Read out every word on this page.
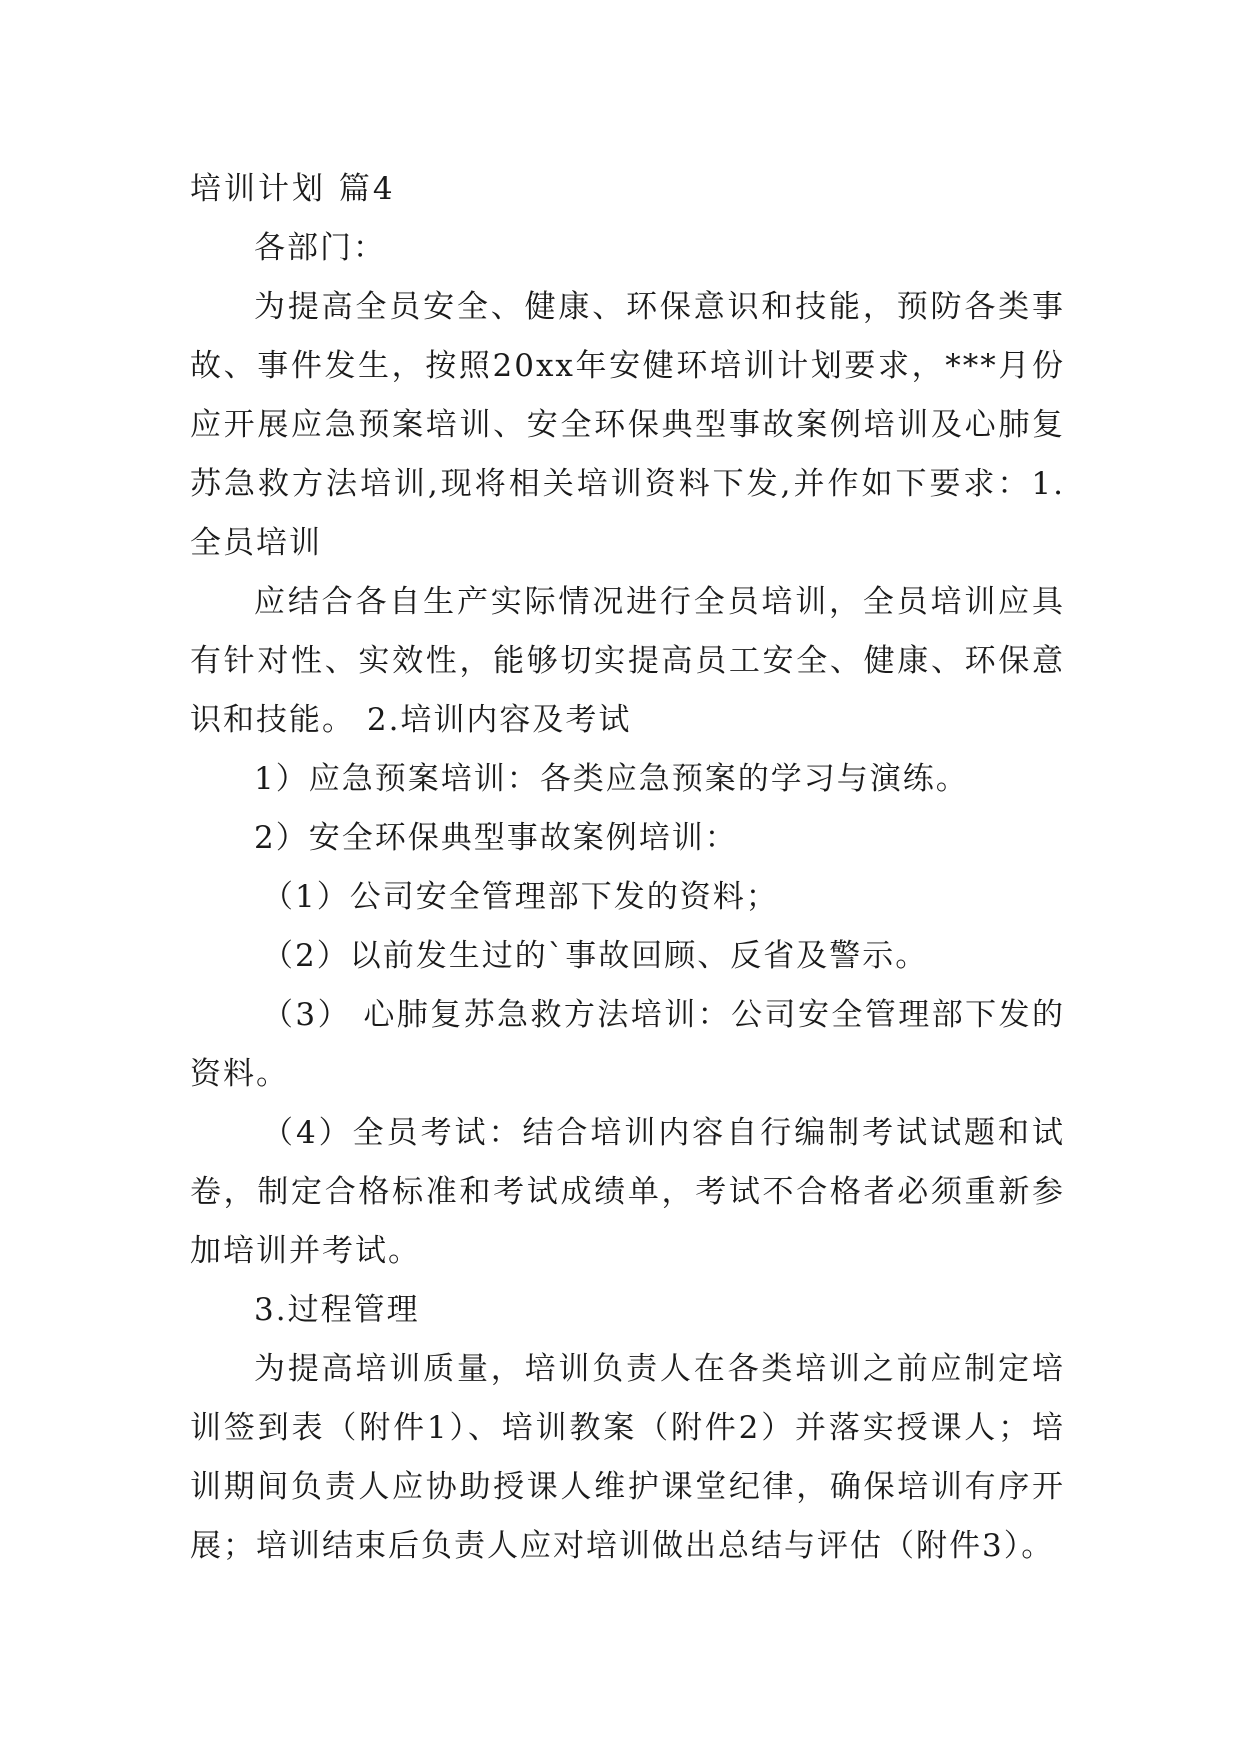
培训计划 篇4

各部门：

为提高全员安全、健康、环保意识和技能，预防各类事故、事件发生，按照20xx年安健环培训计划要求，***月份应开展应急预案培训、安全环保典型事故案例培训及心肺复苏急救方法培训,现将相关培训资料下发,并作如下要求：1.全员培训

应结合各自生产实际情况进行全员培训，全员培训应具有针对性、实效性，能够切实提高员工安全、健康、环保意识和技能。 2.培训内容及考试

1）应急预案培训：各类应急预案的学习与演练。

2）安全环保典型事故案例培训：

（1）公司安全管理部下发的资料；

（2）以前发生过的`事故回顾、反省及警示。

（3） 心肺复苏急救方法培训：公司安全管理部下发的资料。

（4）全员考试：结合培训内容自行编制考试试题和试卷，制定合格标准和考试成绩单，考试不合格者必须重新参加培训并考试。

3.过程管理

为提高培训质量，培训负责人在各类培训之前应制定培训签到表（附件1）、培训教案（附件2）并落实授课人；培训期间负责人应协助授课人维护课堂纪律，确保培训有序开展；培训结束后负责人应对培训做出总结与评估（附件3）。
